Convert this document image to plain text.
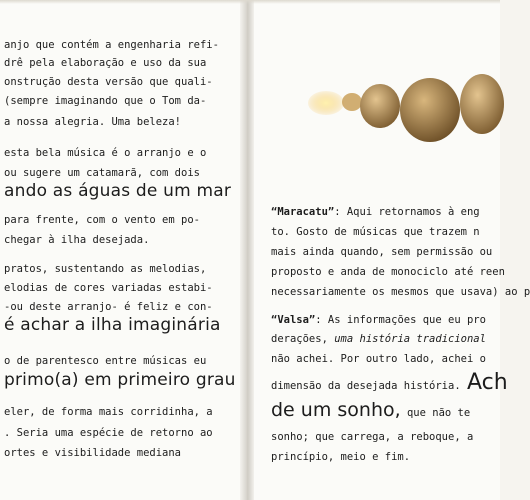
anjo que contém a engenharia refi-
drê pela elaboração e uso da sua
onstrução desta versão que quali-
(sempre imaginando que o Tom da-
a nossa alegria. Uma beleza!
esta bela música é o arranjo e o
ou sugere um catamarã, com dois
ando as águas de um mar
para frente, com o vento em po-
chegar à ilha desejada.
pratos, sustentando as melodias,
elodias de cores variadas estabi-
-ou deste arranjo- é feliz e con-
é achar a ilha imaginária
o de parentesco entre músicas eu
primo(a) em primeiro grau
eler, de forma mais corridinha, a
. Seria uma espécie de retorno ao
ortes e visibilidade mediana
“Maracatu”: Aqui retornamos à eng
to. Gosto de músicas que trazem n
mais ainda quando, sem permissão ou
proposto e anda de monociclo até reen
necessariamente os mesmos que usava) ao p
“Valsa”: As informações que eu pro
derações, uma história tradicional
não achei. Por outro lado, achei o
dimensão da desejada história. Ach
de um sonho, que não te
sonho; que carrega, a reboque, a
princípio, meio e fim.
